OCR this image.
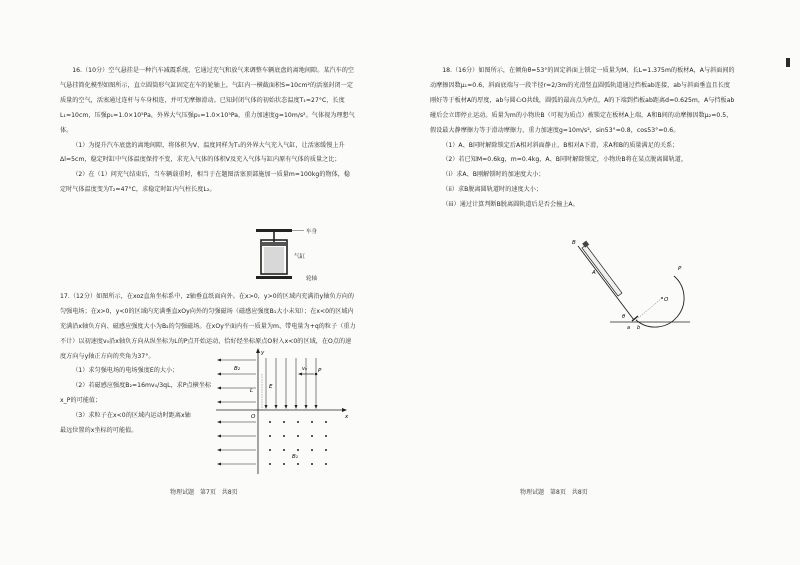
16.（10分）空气悬挂是一种汽车减震系统，它通过充气和放气来调整车辆底盘的离地间隙。某汽车的空气悬挂简化模型如图所示，直立圆筒形气缸固定在车的轮轴上，气缸内一横截面积S=10cm²的活塞封闭一定质量的空气，活塞通过连杆与车身相连，并可无摩擦滑动。已知封闭气体的初始状态温度T₁=27°C，长度L₁=10cm，压强p₁=1.0×10⁵Pa，外界大气压强p₀=1.0×10⁵Pa，重力加速度g=10m/s²。气体视为理想气体。

（1）为提升汽车底盘的离地间隙，将体积为V、温度同样为T₁的外界大气充入气缸，让活塞缓慢上升Δl=5cm，稳定时缸中气体温度保持不变，求充入气体的体积V及充入气体与缸内原有气体的质量之比；

（2）在（1）问充气结束后，当车辆载重时，相当于在题图活塞顶部施加一质量m=100kg的物体，稳定时气体温度变为T₂=47°C，求稳定时缸内气柱长度L₂。

车身
气缸
轮轴

17.（12分）如图所示，在xoz直角坐标系中，z轴垂直纸面向外。在x>0，y>0的区域内充满沿y轴负方向的匀强电场；在x>0，y<0的区域内充满垂直xOy向外的匀强磁场（磁感应强度B₁大小未知）；在x<0的区域内充满沿x轴负方向、磁感应强度大小为B₂的匀强磁场。在xOy平面内有一质量为m、带电量为+q的粒子（重力不计）以初速度v₀沿x轴负方向从纵坐标为L的P点开始运动，恰好经坐标原点O射入x<0的区域，在O点的速度方向与y轴正方向的夹角为37°。

（1）求匀强电场的电场强度E的大小；

（2）若磁感应强度B₂=16mv₀/3qL，求P点横坐标

x_P的可能值；

（3）求粒子在x<0的区域内运动时距离x轴

最远位置的x坐标的可能值。

y
x
O
E
P
v₀
L
B₁
B₂
物理试题　第7页　共8页

18.（16分）如图所示，在倾角θ=53°的固定斜面上锁定一质量为M、长L=1.375m的板材A，A与斜面间的动摩擦因数μ₁=0.6，斜面底端与一段半径r=2/3m的光滑竖直圆弧轨道通过挡板ab连接，ab与斜面垂直且长度刚好等于板材A的厚度，ab与圆心O共线，圆弧的最高点为P点，A的下端到挡板ab距离d=0.625m，A与挡板ab碰后会立即停止运动。质量为m的小物块B（可视为质点）被锁定在板材A上端，A和B间的动摩擦因数μ₂=0.5，假设最大静摩擦力等于滑动摩擦力，重力加速度g=10m/s²，sin53°=0.8，cos53°=0.6。

（1）A、B同时解除锁定后A相对斜面静止，B相对A下滑，求A和B的质量满足的关系；

（2）若已知M=0.6kg，m=0.4kg，A、B同时解除锁定，小物块B将在某点脱离圆轨道，

（i）求A、B刚解锁时的加速度大小；

（ii）求B脱离圆轨道时的速度大小；

（iii）通过计算判断B脱离圆轨道后是否会撞上A。

B
A
O
P
a b
θ
物理试题　第8页　共8页
